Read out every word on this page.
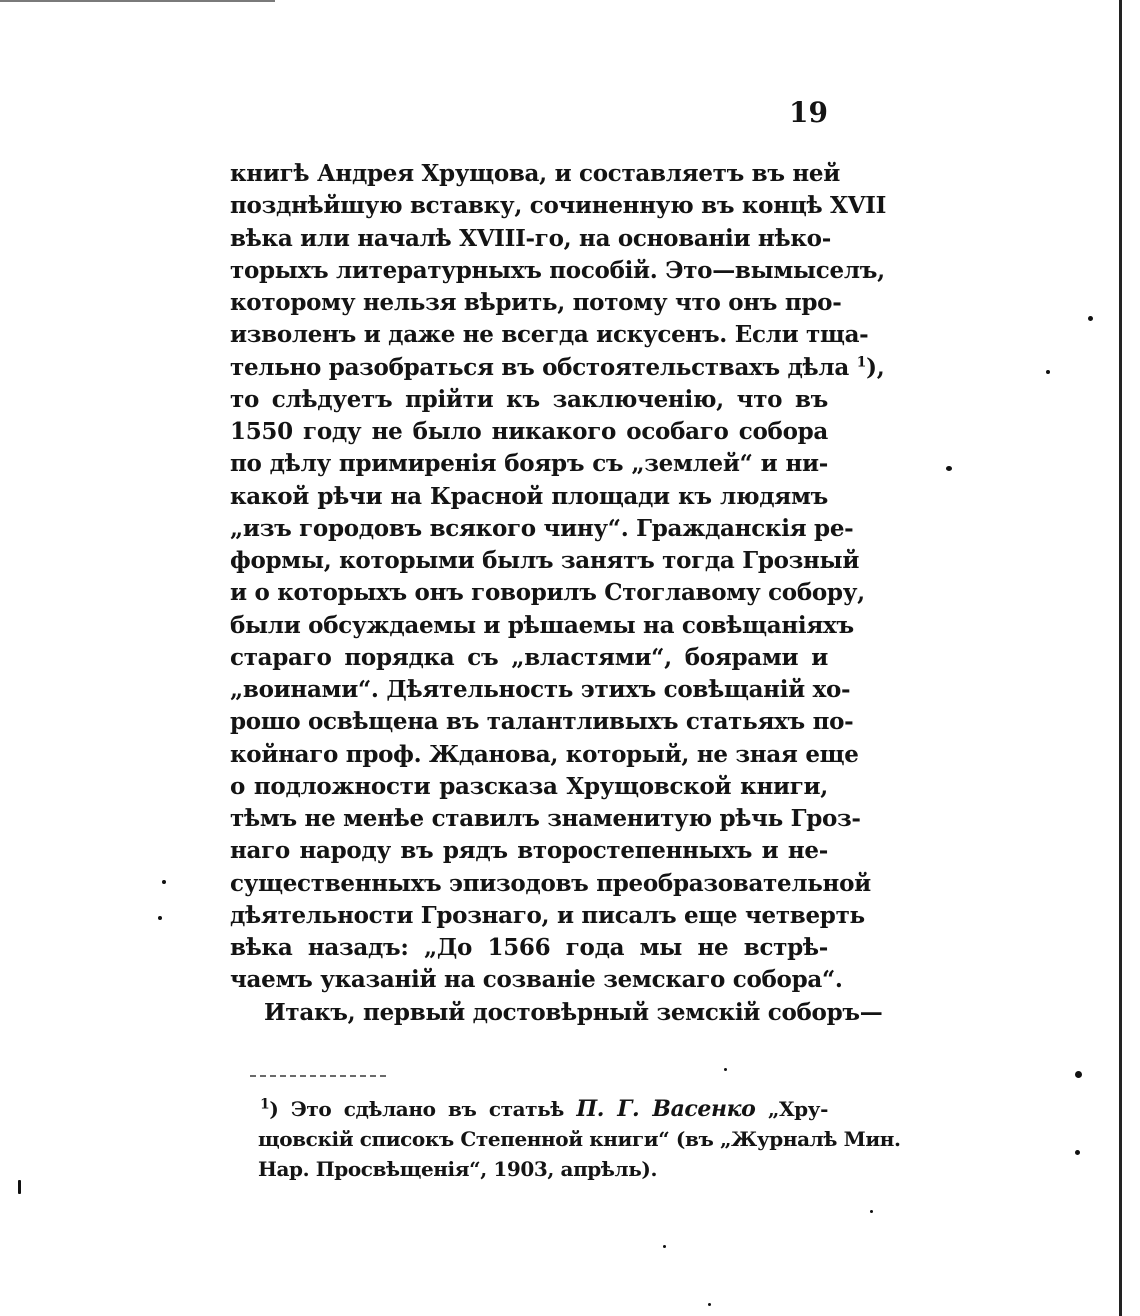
19
книгѣ Андрея Хрущова, и составляетъ въ ней
позднѣйшую вставку, сочиненную въ концѣ XVII
вѣка или началѣ XVIII-го, на основаніи нѣко-
торыхъ литературныхъ пособій. Это—вымыселъ,
которому нельзя вѣрить, потому что онъ про-
изволенъ и даже не всегда искусенъ. Если тща-
тельно разобраться въ обстоятельствахъ дѣла $^1$),
то слѣдуетъ прійти къ заключенію, что въ
1550 году не было никакого особаго собора
по дѣлу примиренія бояръ съ „землей“ и ни-
какой рѣчи на Красной площади къ людямъ
„изъ городовъ всякого чину“. Гражданскія ре-
формы, которыми былъ занятъ тогда Грозный
и о которыхъ онъ говорилъ Стоглавому собору,
были обсуждаемы и рѣшаемы на совѣщаніяхъ
стараго порядка съ „властями“, боярами и
„воинами“. Дѣятельность этихъ совѣщаній хо-
рошо освѣщена въ талантливыхъ статьяхъ по-
койнаго проф. Жданова, который, не зная еще
о подложности разсказа Хрущовской книги,
тѣмъ не менѣе ставилъ знаменитую рѣчь Гроз-
наго народу въ рядъ второстепенныхъ и не-
существенныхъ эпизодовъ преобразовательной
дѣятельности Грознаго, и писалъ еще четверть
вѣка назадъ: „До 1566 года мы не встрѣ-
чаемъ указаній на созваніе земскаго собора“.
Итакъ, первый достовѣрный земскій соборъ—
$^1$) Это сдѣлано въ статьѣ П. Г. Васенко „Хру-
щовскій списокъ Степенной книги“ (въ „Журналѣ Мин.
Нар. Просвѣщенія“, 1903, апрѣль).
